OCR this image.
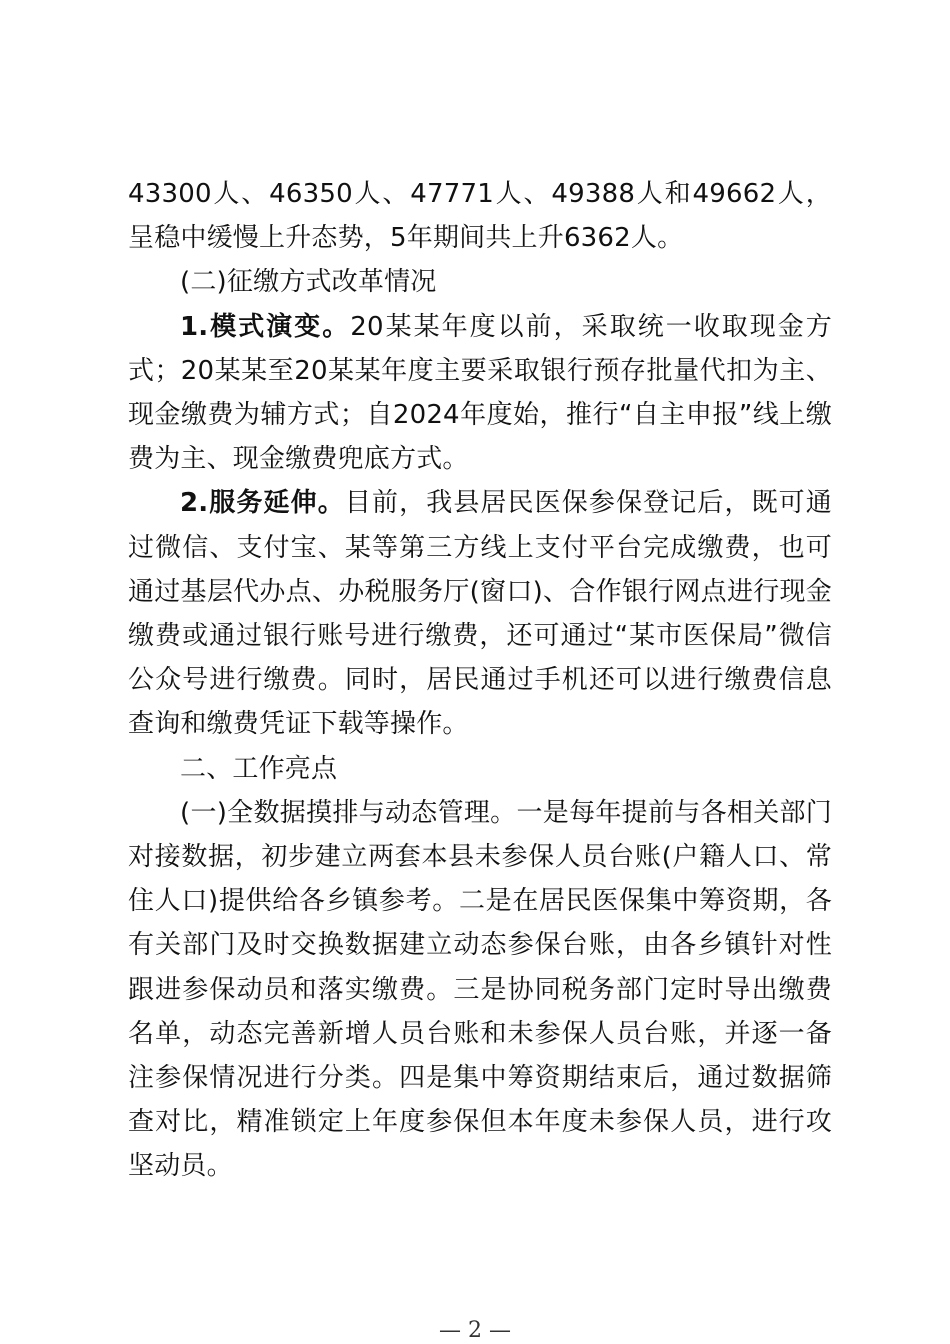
43300人、46350人、47771人、49388人和49662人，呈稳中缓慢上升态势，5年期间共上升6362人。

(二)征缴方式改革情况

1.模式演变。20某某年度以前，采取统一收取现金方式；20某某至20某某年度主要采取银行预存批量代扣为主、现金缴费为辅方式；自2024年度始，推行“自主申报”线上缴费为主、现金缴费兜底方式。

2.服务延伸。目前，我县居民医保参保登记后，既可通过微信、支付宝、某等第三方线上支付平台完成缴费，也可通过基层代办点、办税服务厅(窗口)、合作银行网点进行现金缴费或通过银行账号进行缴费，还可通过“某市医保局”微信公众号进行缴费。同时，居民通过手机还可以进行缴费信息查询和缴费凭证下载等操作。

二、工作亮点

(一)全数据摸排与动态管理。一是每年提前与各相关部门对接数据，初步建立两套本县未参保人员台账(户籍人口、常住人口)提供给各乡镇参考。二是在居民医保集中筹资期，各有关部门及时交换数据建立动态参保台账，由各乡镇针对性跟进参保动员和落实缴费。三是协同税务部门定时导出缴费名单，动态完善新增人员台账和未参保人员台账，并逐一备注参保情况进行分类。四是集中筹资期结束后，通过数据筛查对比，精准锁定上年度参保但本年度未参保人员，进行攻坚动员。

— 2 —
